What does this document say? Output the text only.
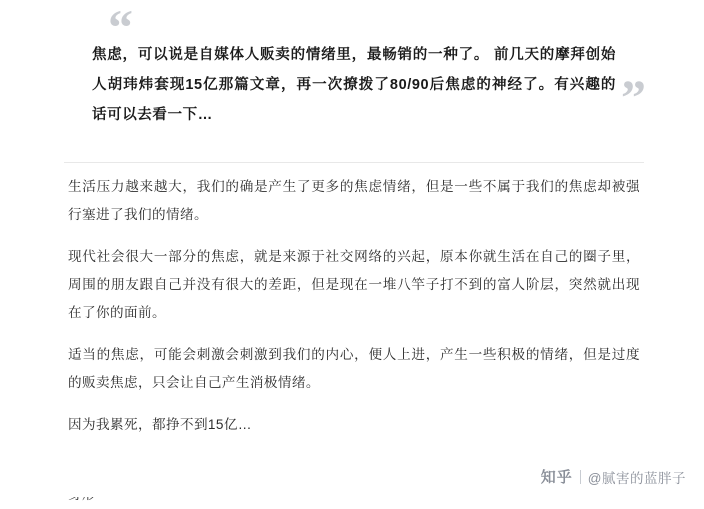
“
”

焦虑，可以说是自媒体人贩卖的情绪里，最畅销的一种了。 前几天的摩拜创始人胡玮炜套现15亿那篇文章，再一次撩拨了80/90后焦虑的神经了。有兴趣的话可以去看一下…

生活压力越来越大，我们的确是产生了更多的焦虑情绪，但是一些不属于我们的焦虑却被强行塞进了我们的情绪。

现代社会很大一部分的焦虑，就是来源于社交网络的兴起，原本你就生活在自己的圈子里，周围的朋友跟自己并没有很大的差距，但是现在一堆八竿子打不到的富人阶层，突然就出现在了你的面前。

适当的焦虑，可能会刺激会刺激到我们的内心，便人上进，产生一些积极的情绪，但是过度的贩卖焦虑，只会让自己产生消极情绪。

因为我累死，都挣不到15亿…

知乎 @腻害的蓝胖子
